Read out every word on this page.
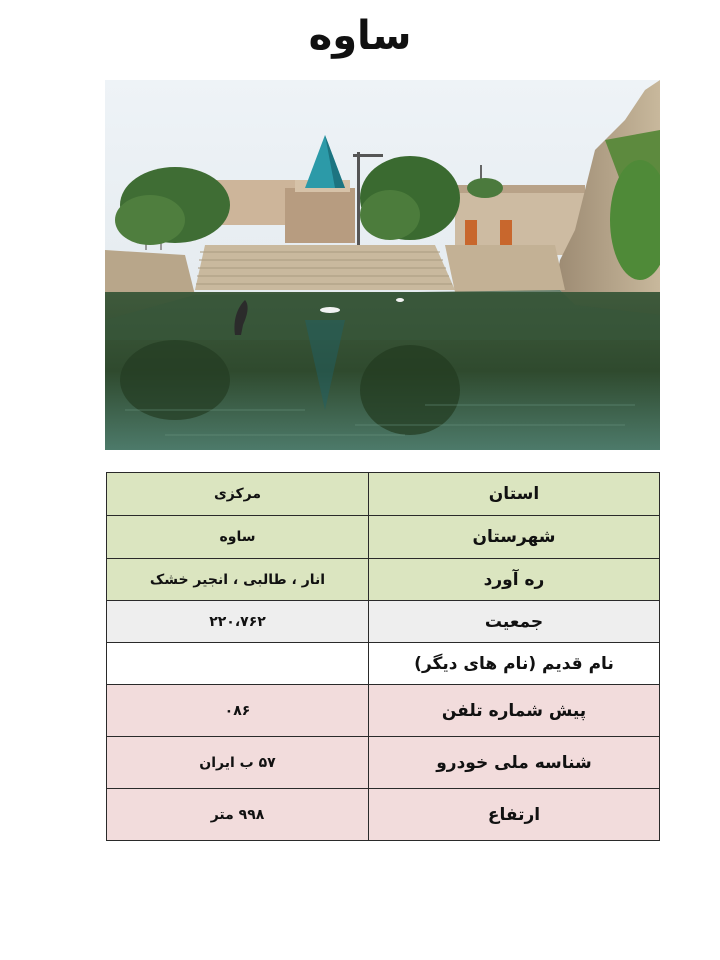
ساوه
استان	مرکزی
شهرستان	ساوه
ره آورد	انار ، طالبی ، انجیر خشک
جمعیت	۲۲۰،۷۶۲
نام قدیم (نام های دیگر)	
پیش شماره تلفن	۰۸۶
شناسه ملی خودرو	۵۷ ب ایران
ارتفاع	۹۹۸ متر
